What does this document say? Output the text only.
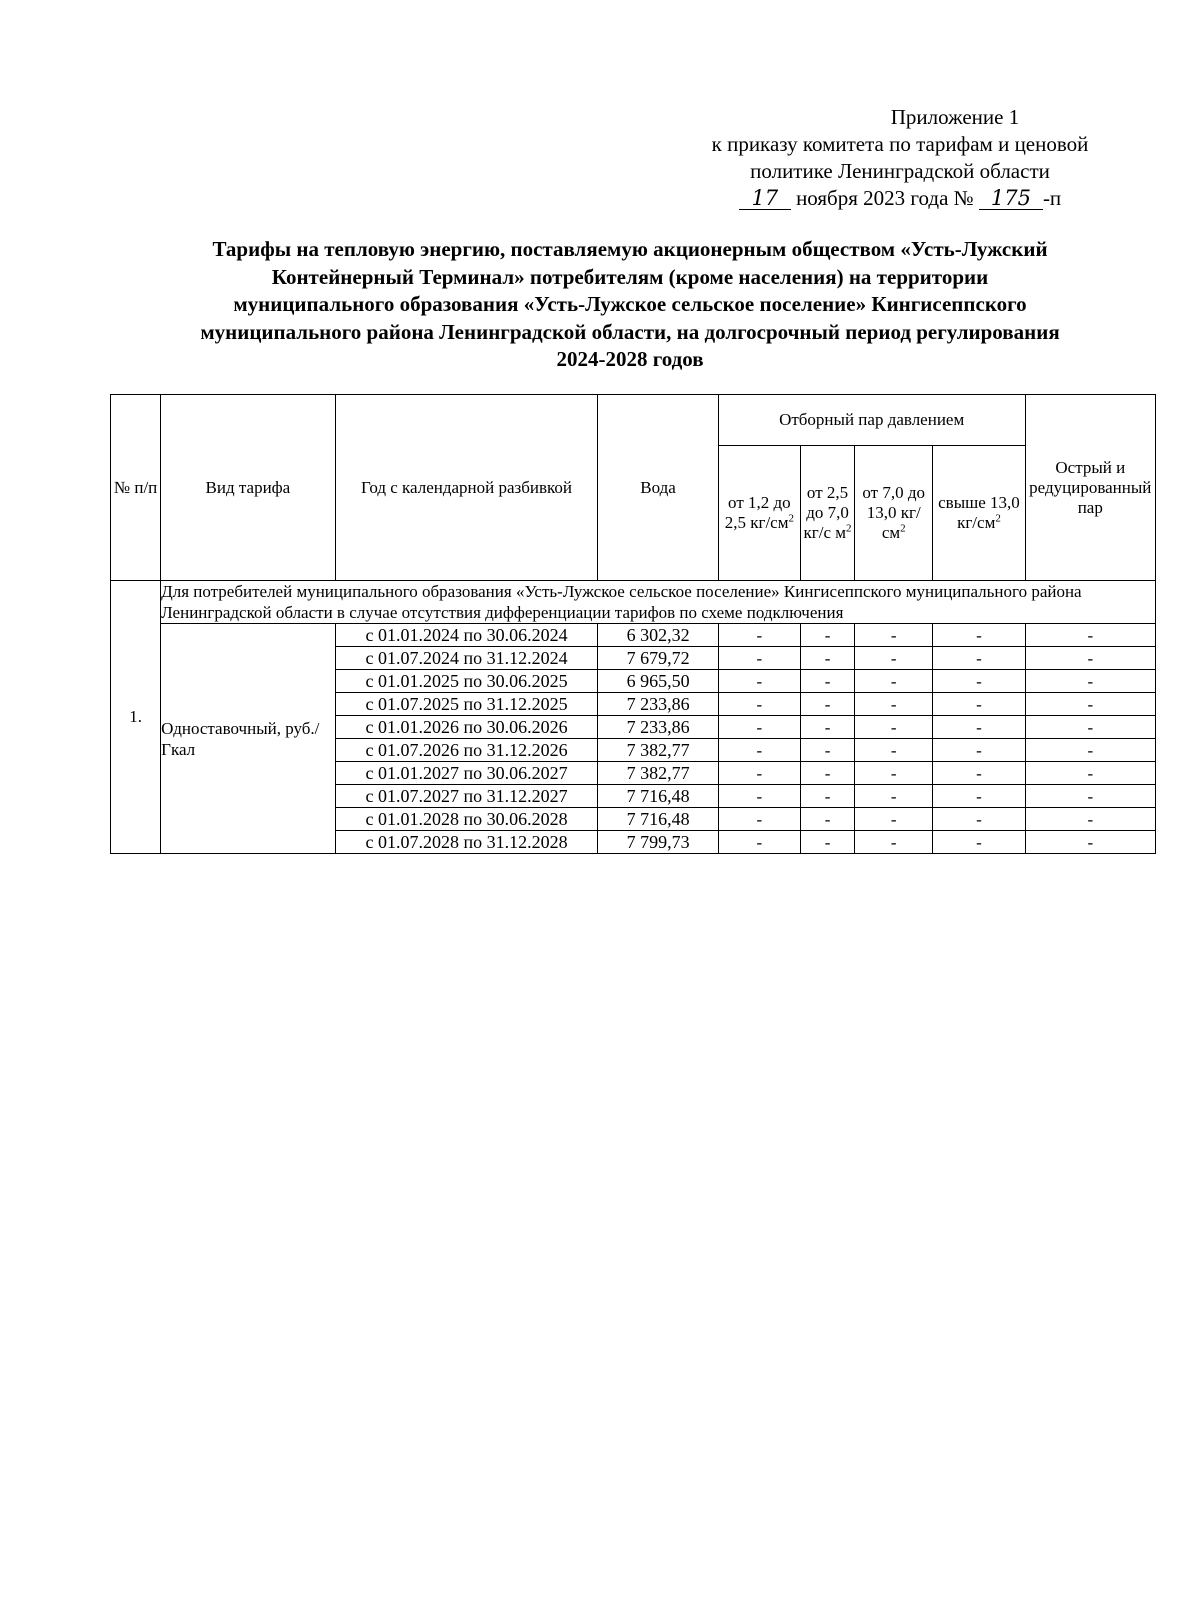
Приложение 1
к приказу комитета по тарифам и ценовой
политике Ленинградской области
17 ноября 2023 года № 175 -п
Тарифы на тепловую энергию, поставляемую акционерным обществом «Усть-Лужский
Контейнерный Терминал» потребителям (кроме населения) на территории
муниципального образования «Усть-Лужское сельское поселение» Кингисеппского
муниципального района Ленинградской области, на долгосрочный период регулирования
2024-2028 годов
№ п/п	Вид тарифа	Год с календарной разбивкой	Вода	Отборный пар давлением				Острый и редуцированный пар
				от 1,2 до 2,5 $кг/см^2$	от 2,5 до 7,0 кг/с $м^2$	от 7,0 до 13,0 $кг/см^2$	свыше 13,0 $кг/см^2$
1.	Для потребителей муниципального образования «Усть-Лужское сельское поселение» Кингисеппского муниципального района Ленинградской области в случае отсутствия дифференциации тарифов по схеме подключения							
	Одноставочный, руб./Гкал	с 01.01.2024 по 30.06.2024	6 302,32	-	-	-	-	-
		с 01.07.2024 по 31.12.2024	7 679,72	-	-	-	-	-
		с 01.01.2025 по 30.06.2025	6 965,50	-	-	-	-	-
		с 01.07.2025 по 31.12.2025	7 233,86	-	-	-	-	-
		с 01.01.2026 по 30.06.2026	7 233,86	-	-	-	-	-
		с 01.07.2026 по 31.12.2026	7 382,77	-	-	-	-	-
		с 01.01.2027 по 30.06.2027	7 382,77	-	-	-	-	-
		с 01.07.2027 по 31.12.2027	7 716,48	-	-	-	-	-
		с 01.01.2028 по 30.06.2028	7 716,48	-	-	-	-	-
		с 01.07.2028 по 31.12.2028	7 799,73	-	-	-	-	-
